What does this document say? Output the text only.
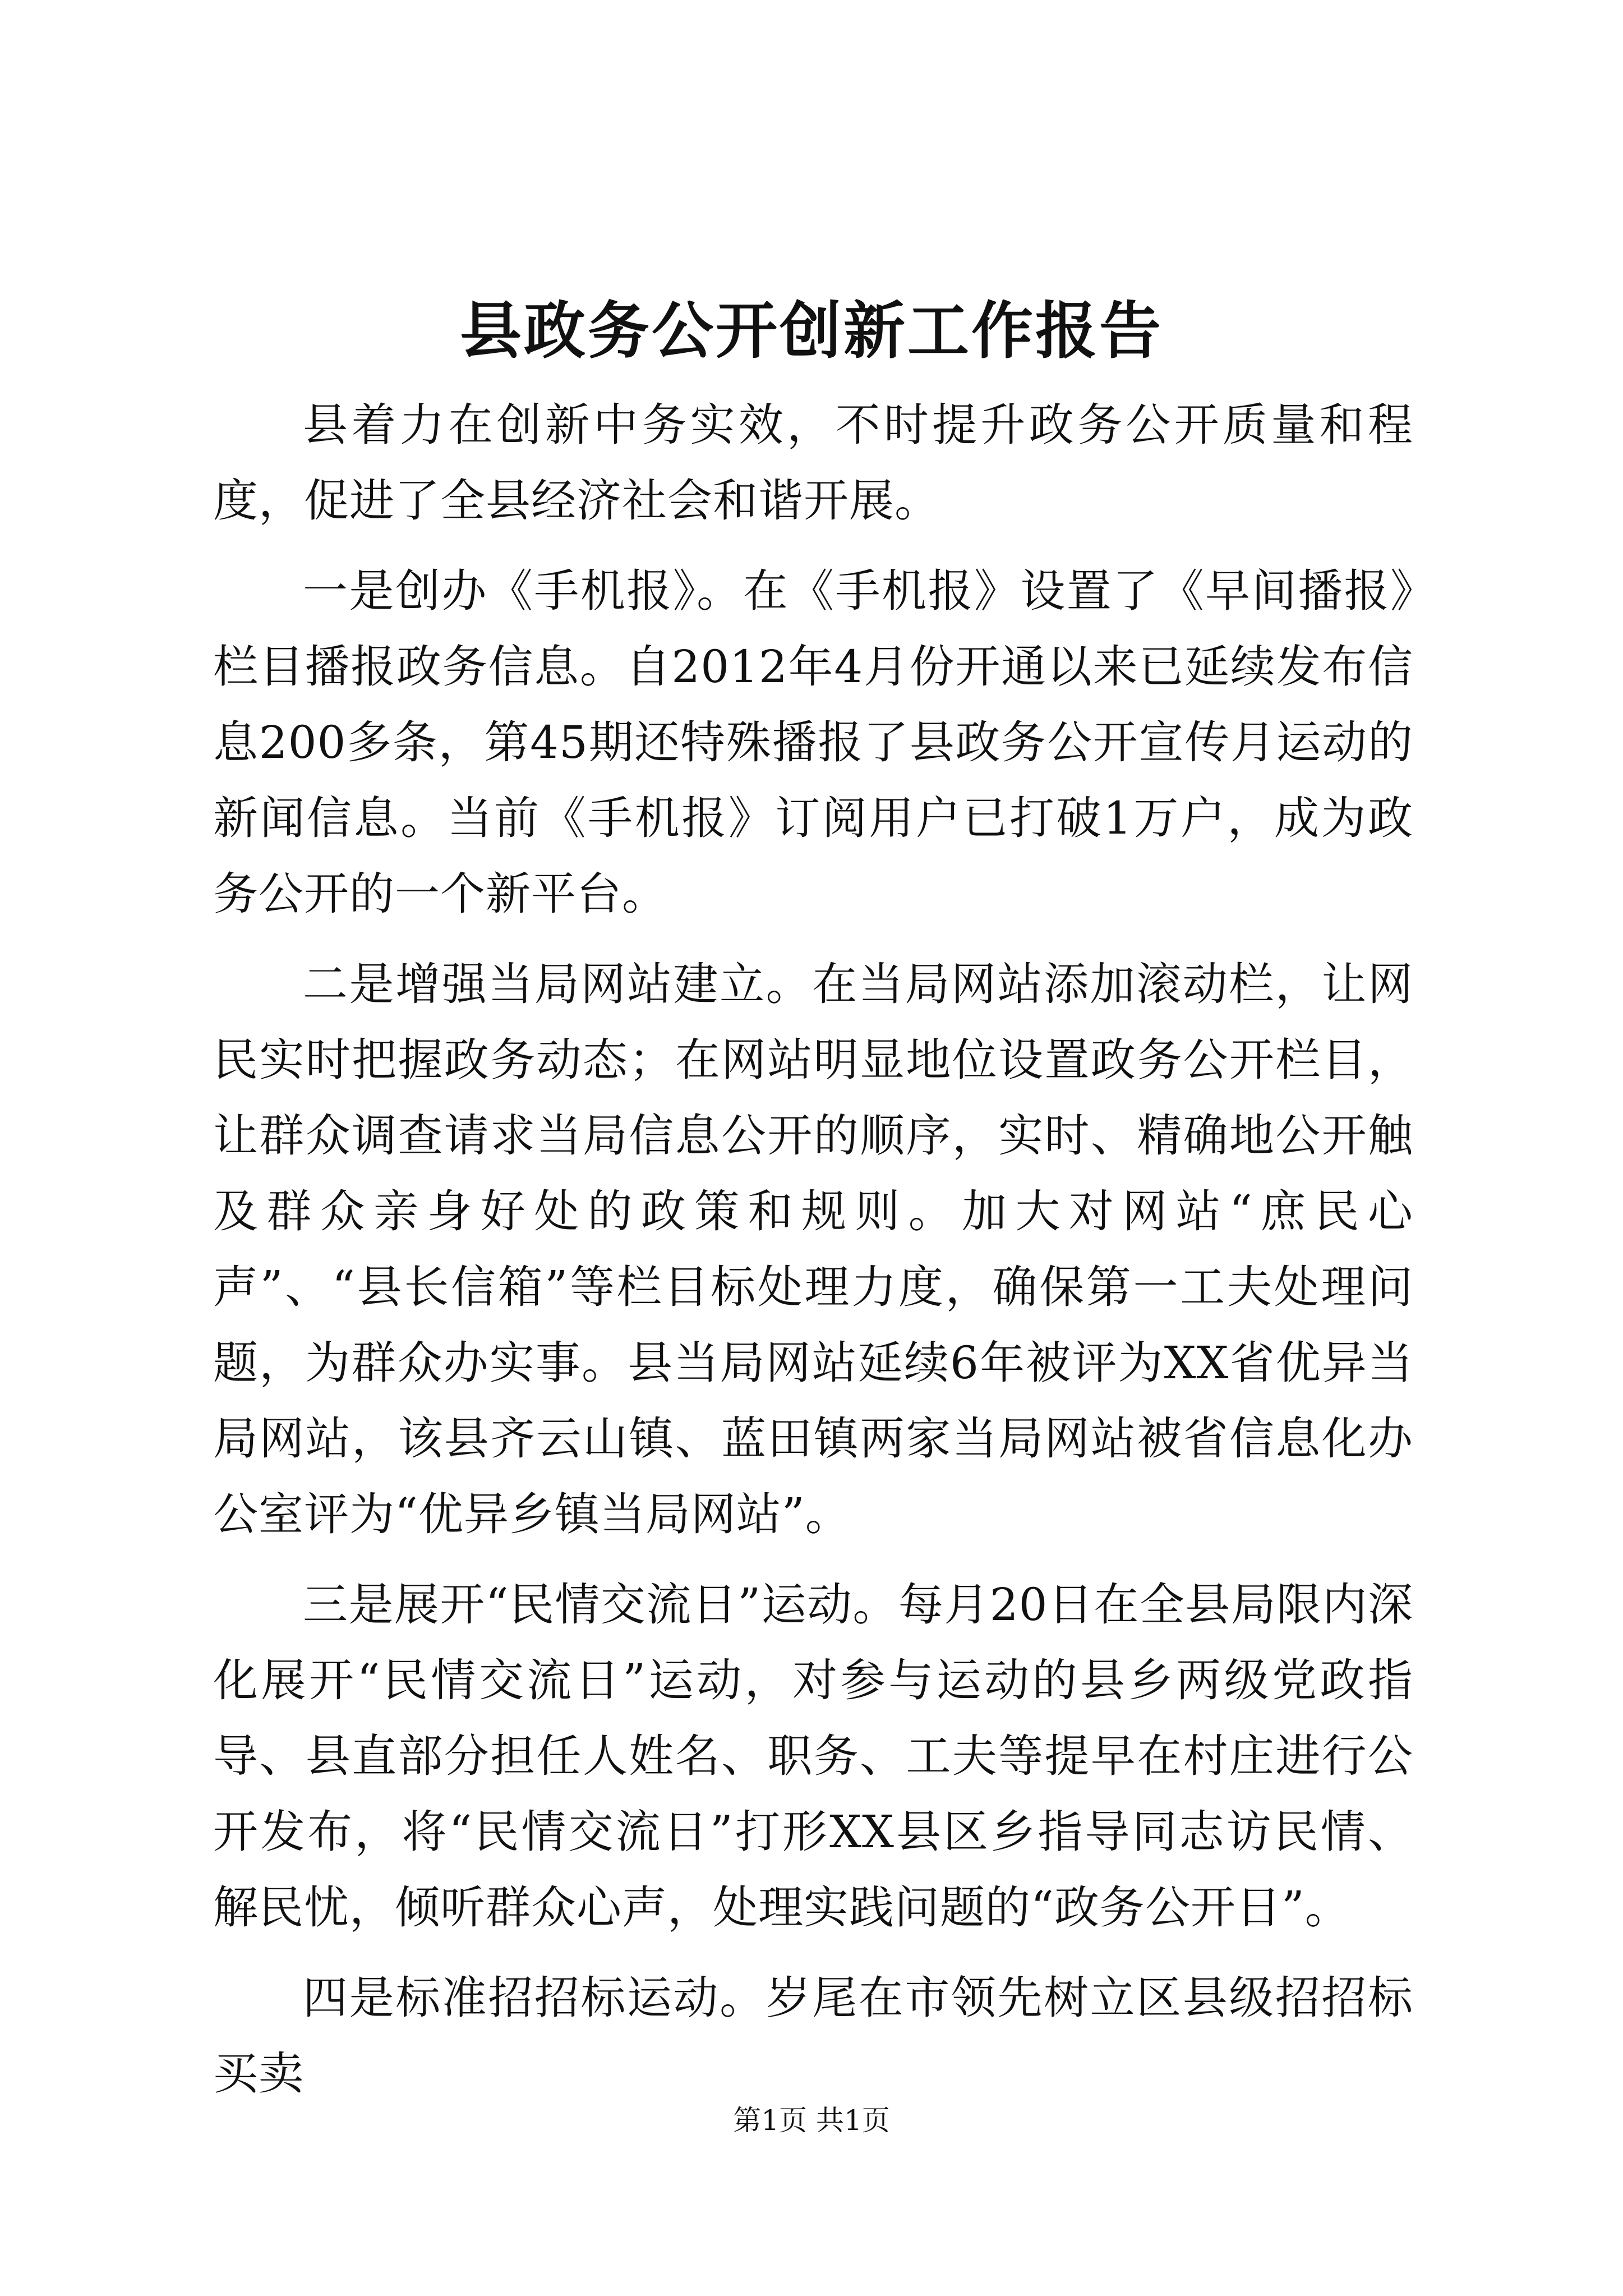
县政务公开创新工作报告

县着力在创新中务实效，不时提升政务公开质量和程度，促进了全县经济社会和谐开展。

一是创办《手机报》。在《手机报》设置了《早间播报》栏目播报政务信息。自2012年4月份开通以来已延续发布信息200多条，第45期还特殊播报了县政务公开宣传月运动的新闻信息。当前《手机报》订阅用户已打破1万户，成为政务公开的一个新平台。

二是增强当局网站建立。在当局网站添加滚动栏，让网民实时把握政务动态；在网站明显地位设置政务公开栏目，让群众调查请求当局信息公开的顺序，实时、精确地公开触及群众亲身好处的政策和规则。加大对网站“庶民心声”、“县长信箱”等栏目标处理力度，确保第一工夫处理问题，为群众办实事。县当局网站延续6年被评为XX省优异当局网站，该县齐云山镇、蓝田镇两家当局网站被省信息化办公室评为“优异乡镇当局网站”。

三是展开“民情交流日”运动。每月20日在全县局限内深化展开“民情交流日”运动，对参与运动的县乡两级党政指导、县直部分担任人姓名、职务、工夫等提早在村庄进行公开发布，将“民情交流日”打形XX县区乡指导同志访民情、解民忧，倾听群众心声，处理实践问题的“政务公开日”。

四是标准招招标运动。岁尾在市领先树立区县级招招标买卖

第1页 共1页
